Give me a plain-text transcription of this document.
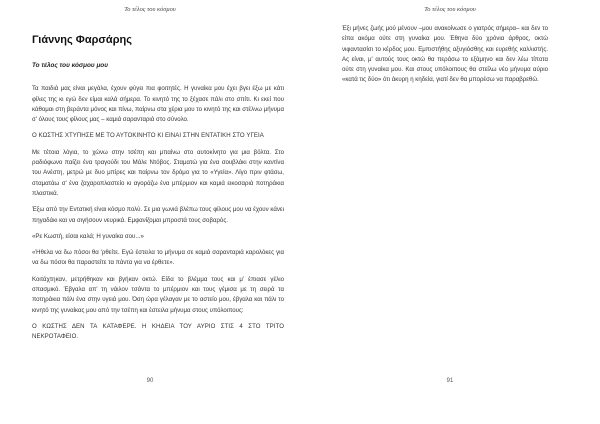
Το τέλος του κόσμου

Γιάννης Φαρσάρης

Το τέλος του κόσμου μου

Τα παιδιά μας είναι μεγάλα, έχουν φύγει πια φοιτητές. Η γυναίκα μου έχει βγει έξω με κάτι φίλες της κι εγώ δεν είμαι καλά σήμερα. Το κινητό της το ξέχασε πάλι στο σπίτι. Κι εκεί που κάθομαι στη βεράντα μόνος και πίνω, παίρνω στα χέρια μου το κινητό της και στέλνω μήνυμα σ' όλους τους φίλους μας – καμιά σαρανταριά στο σύνολο.

Ο ΚΩΣΤΗΣ ΧΤΥΠΗΣΕ ΜΕ ΤΟ ΑΥΤΟΚΙΝΗΤΟ ΚΙ ΕΙΝΑΙ ΣΤΗΝ ΕΝΤΑΤΙΚΗ ΣΤΟ ΥΓΕΙΑ

Με τέτοια λόγια, το χώνω στην τσέπη και μπαίνω στο αυτοκίνητο για μια βόλτα. Στο ραδιόφωνο παίζει ένα τραγούδι του Μάλε Ντόβος. Σταματώ για ένα σουβλάκι στην καντίνα του Ανέστη, μετρώ με δυο μπίρες και παίρνω τον δρόμο για το «Υγεία». Λίγο πριν φτάσω, σταματάω σ' ένα ζαχαροπλαστείο κι αγοράζω ένα μπέρμιον και καμιά εικοσαριά ποτηράκια πλαστικά.

Έξω από την Εντατική είναι κόσμο πολύ. Σε μια γωνιά βλέπω τους φίλους μου να έχουν κάνει πηγαδάκι και να σιγήσουν νευρικά. Εμφανίζομαι μπροστά τους σοβαρός.

«Ρε Κωστή, είσαι καλά; Η γυναίκα σου...»

«Ήθελα να δω πόσοι θα 'ρθείτε. Εγώ έστειλα το μήνυμα σε καμιά σαρανταριά καρολόκες για να δω πόσοι θα παραστείτε τα πάντα για να έρθετε».

Κοιτάχτηκαν, μετρήθηκαν και βγήκαν οκτώ. Είδα το βλέμμα τους και μ' έπιασε γέλιο σπασμικό. Έβγαλα απ' τη νάιλον τσάντα το μπέρμιον και τους γέμισα με τη σειρά τα ποτηράκια πάλι ένα στην υγειά μου. Όση ώρα γέλαγαν με το αστείο μου, έβγαλα και πάλι το κινητό της γυναίκας μου από την τσέπη και έστειλα μήνυμα στους υπόλοιπους:

Ο ΚΩΣΤΗΣ ΔΕΝ ΤΑ ΚΑΤΑΦΕΡΕ. Η ΚΗΔΕΙΑ ΤΟΥ ΑΥΡΙΟ ΣΤΙΣ 4 ΣΤΟ ΤΡΙΤΟ ΝΕΚΡΟΤΑΦΕΙΟ.

90
Το τέλος του κόσμου

Έξι μήνες ζωής μού μένουν –μου ανακοίνωσε ο γιατρός σήμερα– και δεν το είπα ακόμα ούτε στη γυναίκα μου. Έθηνα δύο χρόνια άρθρος, οκτώ νιφαντασίσι το κέρδος μου. Εμπιστήθης αξυγιόσθης και ευρεθής καλλιστής. Ας είναι, μ' αυτούς τους οκτώ θα περάσω το εξάμηνο και δεν λέω τίποτα ούτε στη γυναίκα μου. Και στους υπόλοιπους θα στείλω νέο μήνυμα αύριο «κατά τις δύο» ότι άκυρη η κηδεία, γιατί δεν θα μπορέσω να παραβρεθώ.

91
